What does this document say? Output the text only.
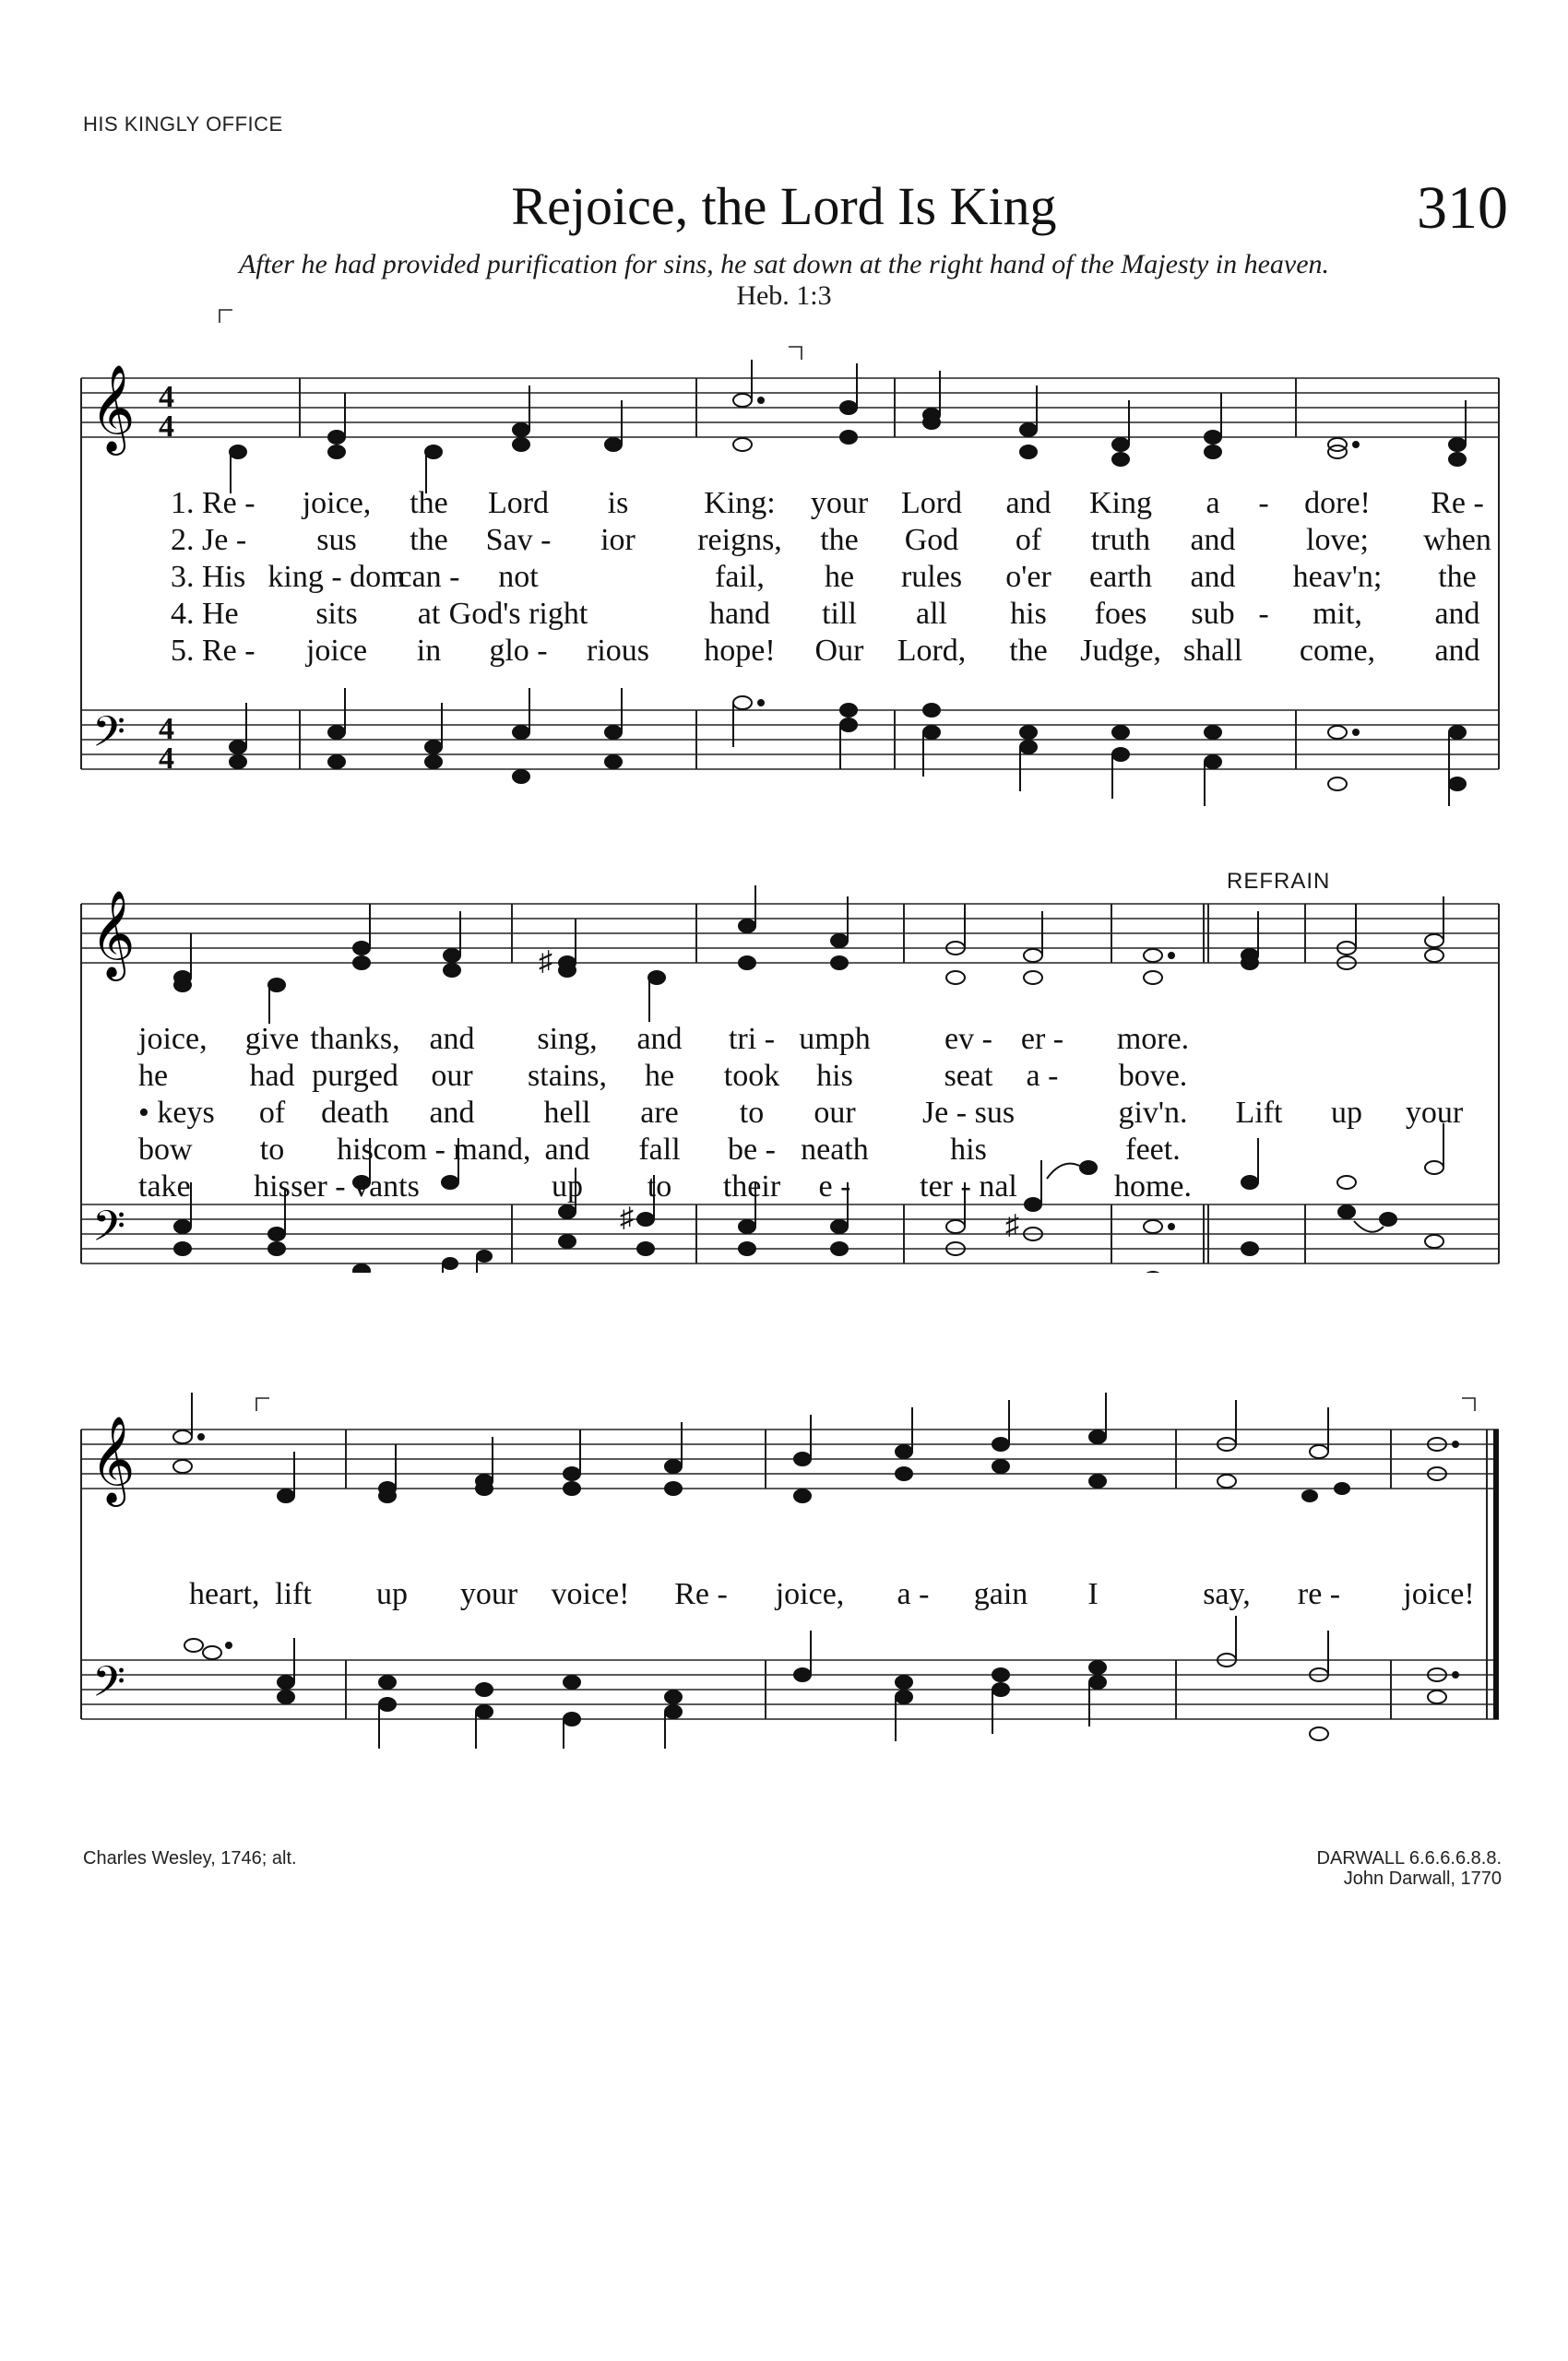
HIS KINGLY OFFICE
Rejoice, the Lord Is King	310
After he had provided purification for sins, he sat down at the right hand of the Majesty in heaven. Heb. 1:3
𝄞
𝄢
4
4
4
4
1. Re - joice, the Lord is King: your Lord and King a - dore! Re -
2. Je - sus the Sav - ior reigns, the God of truth and love; when
3. His king - dom
can - not	fail, he rules o'er earth and heav'n; the
4. He sits at God's right	hand till all his foes sub - mit, and
5. Re - joice in glo - rious hope! Our Lord, the Judge, shall come, and
𝄞
𝄢
♯
♯	♯
REFRAIN
joice, give thanks, and sing, and tri - umph ev - er - more.
he	had purged our stains, he took his	seat a - bove.
• keys of death and hell are to our Je - sus	giv'n. Lift up your
bow to his com - mand, and fall be - neath	his	feet.
take his ser - vants	up to their e - ter - nal	home.
𝄞
𝄢
heart, lift up your voice! Re - joice, a - gain I	say, re - joice!
Charles Wesley, 1746; alt.	DARWALL 6.6.6.6.8.8.
John Darwall, 1770
